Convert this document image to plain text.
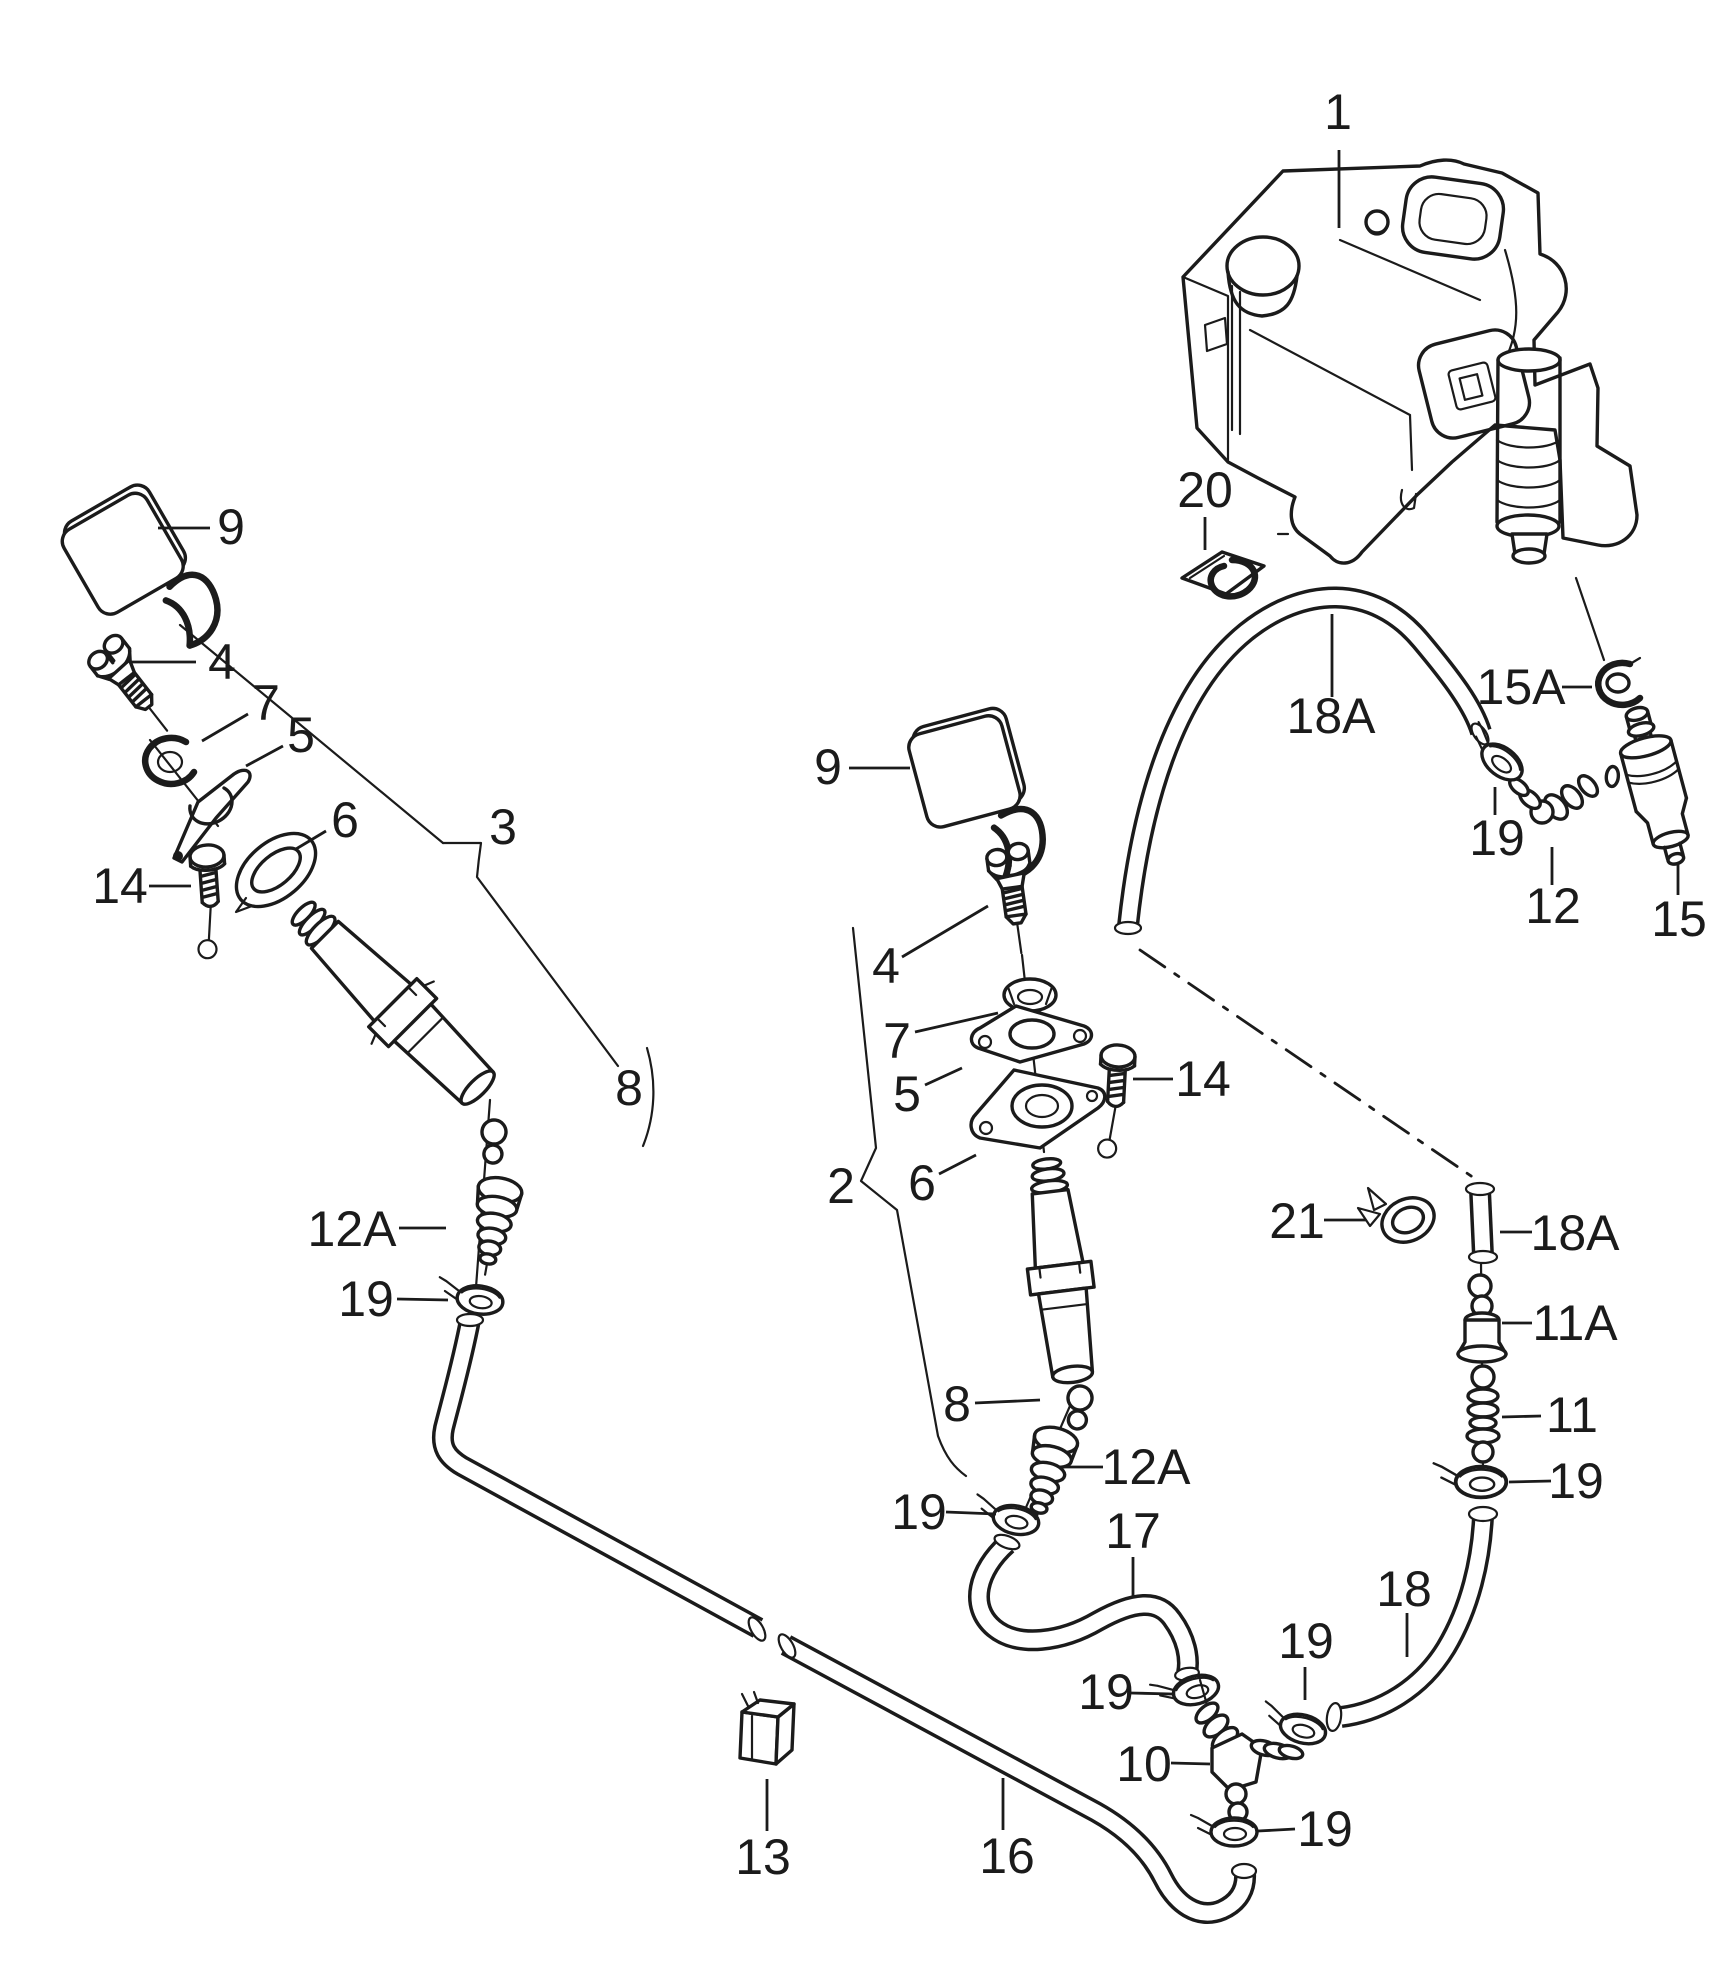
1
20
9
4
7
5
14
6	3
8
12A
19
9
4
7
5
2 6
14
8
12A
19	17
19
10
19
13	16
18
19
15A
19
12 15
18A
21	18A
11A
11
19
